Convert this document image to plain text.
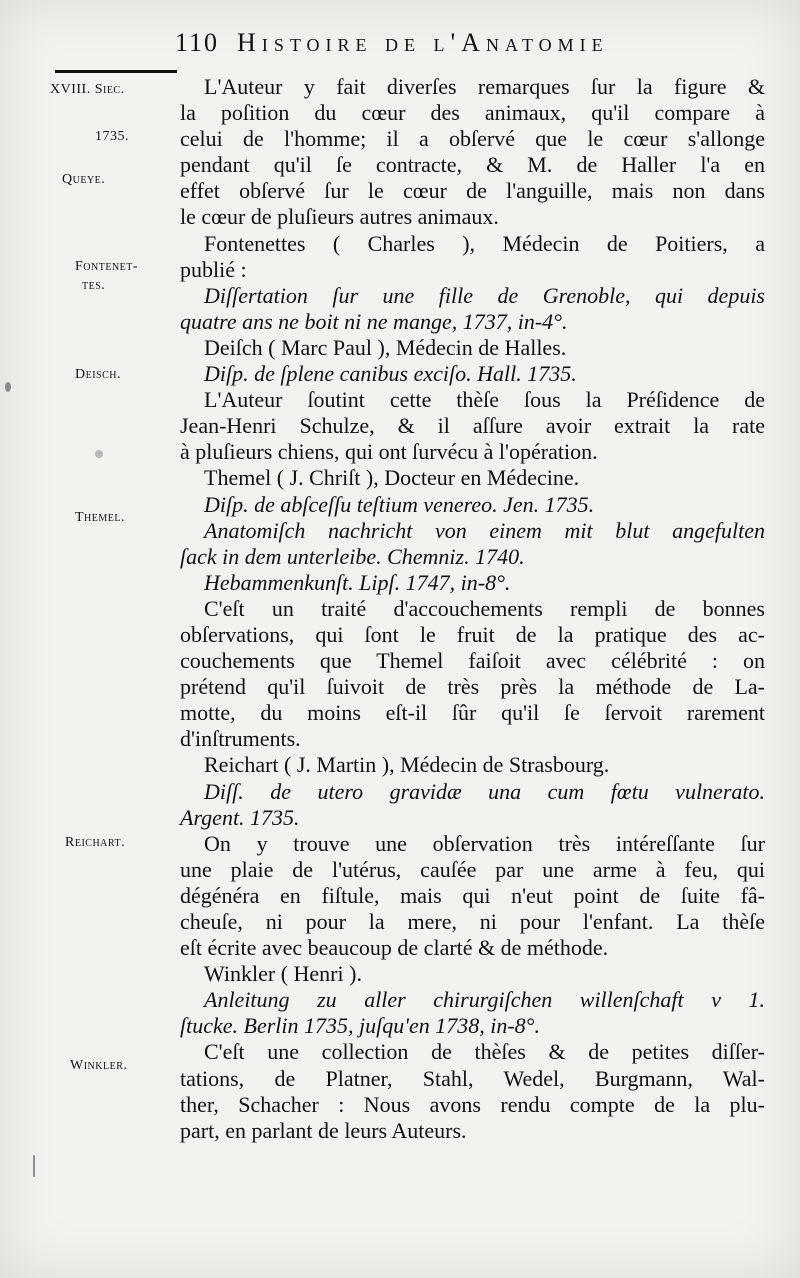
110 Histoire de l'Anatomie
XVIII. Siec.
1735.
Queye.
Fontenet-
tes.
Deisch.
Themel.
Reichart.
Winkler.
L'Auteur y fait diverſes remarques ſur la figure &
la poſition du cœur des animaux, qu'il compare à
celui de l'homme; il a obſervé que le cœur s'allonge
pendant qu'il ſe contracte, & M. de Haller l'a en
effet obſervé ſur le cœur de l'anguille, mais non dans
le cœur de pluſieurs autres animaux.
Fontenettes ( Charles ), Médecin de Poitiers, a
publié :
Diſſertation ſur une fille de Grenoble, qui depuis
quatre ans ne boit ni ne mange, 1737, in-4°.
Deiſch ( Marc Paul ), Médecin de Halles.
Diſp. de ſplene canibus exciſo. Hall. 1735.
L'Auteur ſoutint cette thèſe ſous la Préſidence de
Jean-Henri Schulze, & il aſſure avoir extrait la rate
à pluſieurs chiens, qui ont ſurvécu à l'opération.
Themel ( J. Chriſt ), Docteur en Médecine.
Diſp. de abſceſſu teſtium venereo. Jen. 1735.
Anatomiſch nachricht von einem mit blut angefulten
ſack in dem unterleibe. Chemniz. 1740.
Hebammenkunſt. Lipſ. 1747, in-8°.
C'eſt un traité d'accouchements rempli de bonnes
obſervations, qui ſont le fruit de la pratique des ac-
couchements que Themel faiſoit avec célébrité : on
prétend qu'il ſuivoit de très près la méthode de La-
motte, du moins eſt-il ſûr qu'il ſe ſervoit rarement
d'inſtruments.
Reichart ( J. Martin ), Médecin de Strasbourg.
Diſſ. de utero gravidæ una cum fœtu vulnerato.
Argent. 1735.
On y trouve une obſervation très intéreſſante ſur
une plaie de l'utérus, cauſée par une arme à feu, qui
dégénéra en fiſtule, mais qui n'eut point de ſuite fâ-
cheuſe, ni pour la mere, ni pour l'enfant. La thèſe
eſt écrite avec beaucoup de clarté & de méthode.
Winkler ( Henri ).
Anleitung zu aller chirurgiſchen willenſchaft v 1.
ſtucke. Berlin 1735, juſqu'en 1738, in-8°.
C'eſt une collection de thèſes & de petites diſſer-
tations, de Platner, Stahl, Wedel, Burgmann, Wal-
ther, Schacher : Nous avons rendu compte de la plu-
part, en parlant de leurs Auteurs.
